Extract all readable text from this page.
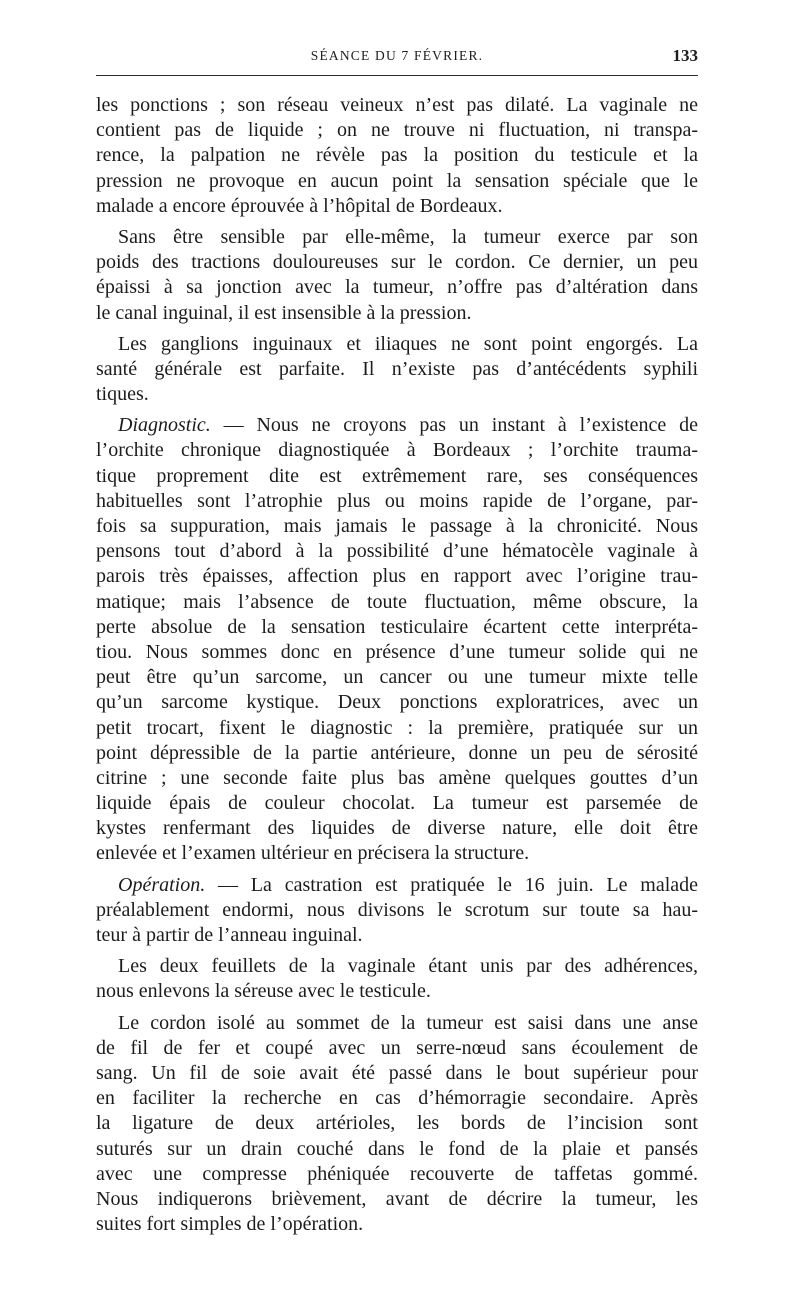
SÉANCE DU 7 FÉVRIER.	133
les ponctions ; son réseau veineux n’est pas dilaté. La vaginale ne
contient pas de liquide ; on ne trouve ni fluctuation, ni transpa-
rence, la palpation ne révèle pas la position du testicule et la
pression ne provoque en aucun point la sensation spéciale que le
malade a encore éprouvée à l’hôpital de Bordeaux.
Sans être sensible par elle-même, la tumeur exerce par son
poids des tractions douloureuses sur le cordon. Ce dernier, un peu
épaissi à sa jonction avec la tumeur, n’offre pas d’altération dans
le canal inguinal, il est insensible à la pression.
Les ganglions inguinaux et iliaques ne sont point engorgés. La
santé générale est parfaite. Il n’existe pas d’antécédents syphili
tiques.
Diagnostic. — Nous ne croyons pas un instant à l’existence de
l’orchite chronique diagnostiquée à Bordeaux ; l’orchite trauma-
tique proprement dite est extrêmement rare, ses conséquences
habituelles sont l’atrophie plus ou moins rapide de l’organe, par-
fois sa suppuration, mais jamais le passage à la chronicité. Nous
pensons tout d’abord à la possibilité d’une hématocèle vaginale à
parois très épaisses, affection plus en rapport avec l’origine trau-
matique; mais l’absence de toute fluctuation, même obscure, la
perte absolue de la sensation testiculaire écartent cette interpréta-
tiou. Nous sommes donc en présence d’une tumeur solide qui ne
peut être qu’un sarcome, un cancer ou une tumeur mixte telle
qu’un sarcome kystique. Deux ponctions exploratrices, avec un
petit trocart, fixent le diagnostic : la première, pratiquée sur un
point dépressible de la partie antérieure, donne un peu de sérosité
citrine ; une seconde faite plus bas amène quelques gouttes d’un
liquide épais de couleur chocolat. La tumeur est parsemée de
kystes renfermant des liquides de diverse nature, elle doit être
enlevée et l’examen ultérieur en précisera la structure.
Opération. — La castration est pratiquée le 16 juin. Le malade
préalablement endormi, nous divisons le scrotum sur toute sa hau-
teur à partir de l’anneau inguinal.
Les deux feuillets de la vaginale étant unis par des adhérences,
nous enlevons la séreuse avec le testicule.
Le cordon isolé au sommet de la tumeur est saisi dans une anse
de fil de fer et coupé avec un serre-nœud sans écoulement de
sang. Un fil de soie avait été passé dans le bout supérieur pour
en faciliter la recherche en cas d’hémorragie secondaire. Après
la ligature de deux artérioles, les bords de l’incision sont
suturés sur un drain couché dans le fond de la plaie et pansés
avec une compresse phéniquée recouverte de taffetas gommé.
Nous indiquerons brièvement, avant de décrire la tumeur, les
suites fort simples de l’opération.
